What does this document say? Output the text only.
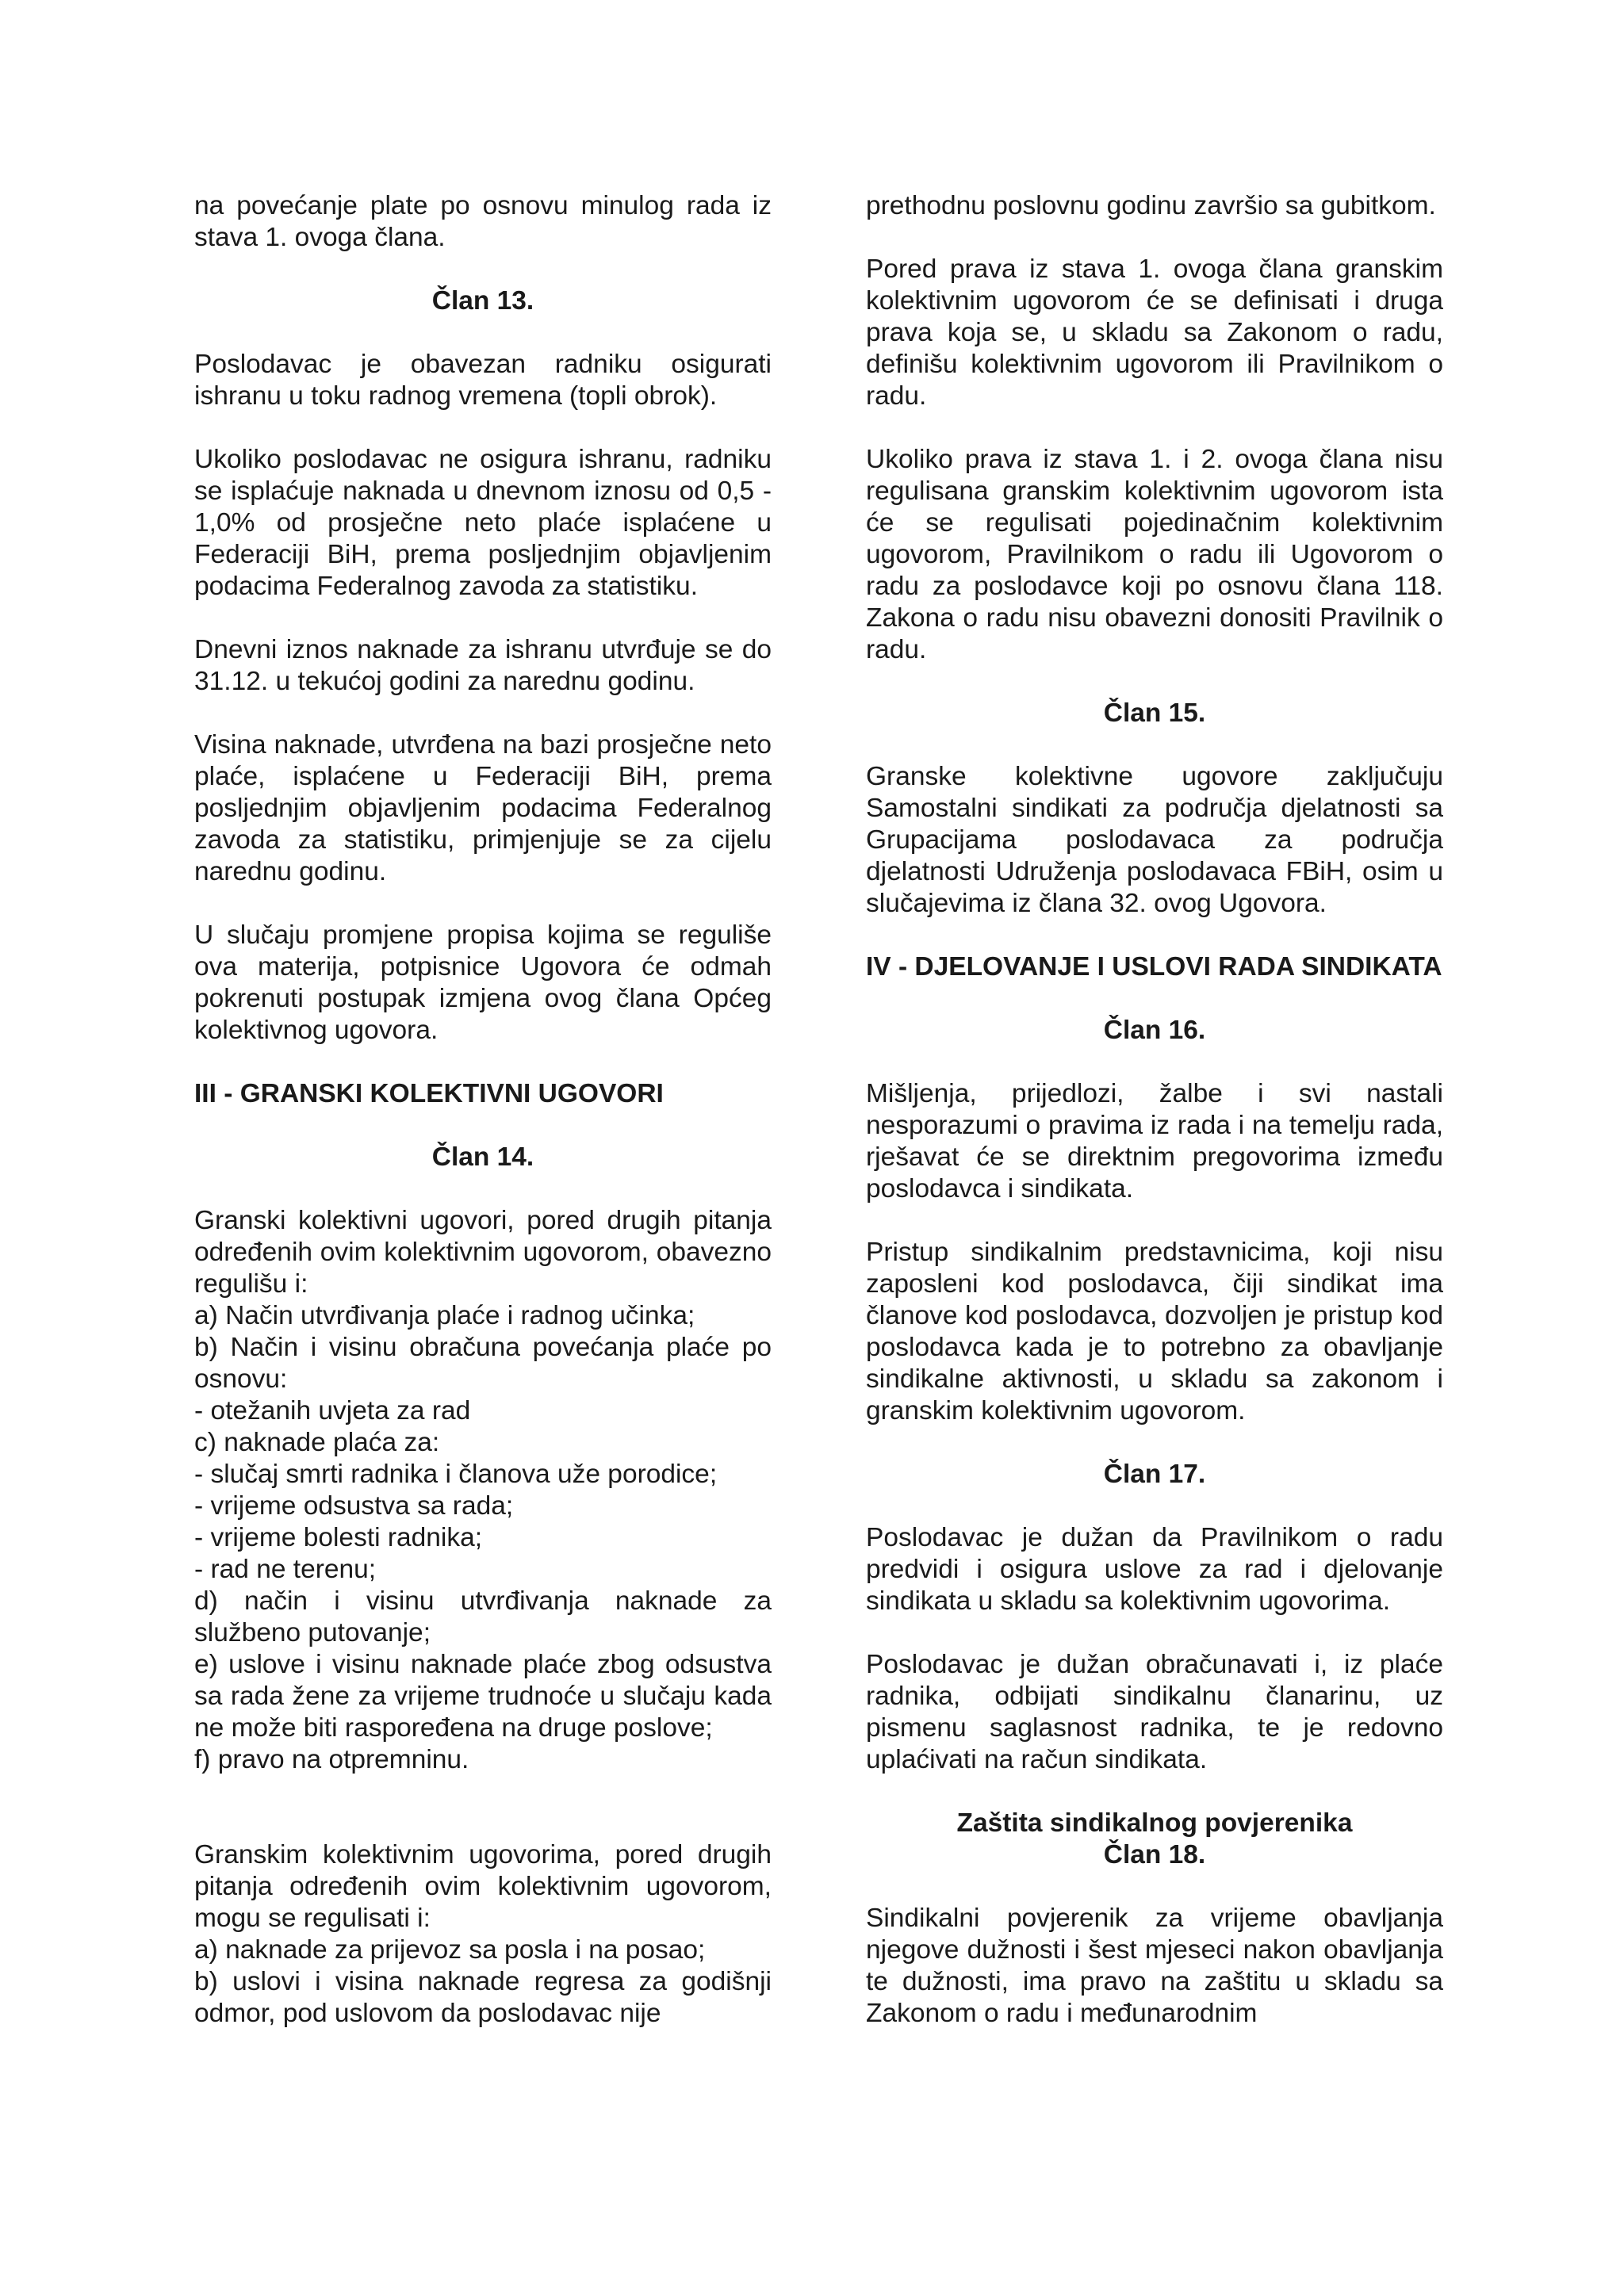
na povećanje plate po osnovu minulog rada iz stava 1. ovoga člana.

Član 13.

Poslodavac je obavezan radniku osigurati ishranu u toku radnog vremena (topli obrok).

Ukoliko poslodavac ne osigura ishranu, radniku se isplaćuje naknada u dnevnom iznosu od 0,5 - 1,0% od prosječne neto plaće isplaćene u Federaciji BiH, prema posljednjim objavljenim podacima Federalnog zavoda za statistiku.

Dnevni iznos naknade za ishranu utvrđuje se do 31.12. u tekućoj godini za narednu godinu.

Visina naknade, utvrđena na bazi prosječne neto plaće, isplaćene u Federaciji BiH, prema posljednjim objavljenim podacima Federalnog zavoda za statistiku, primjenjuje se za cijelu narednu godinu.

U slučaju promjene propisa kojima se reguliše ova materija, potpisnice Ugovora će odmah pokrenuti postupak izmjena ovog člana Općeg kolektivnog ugovora.

III - GRANSKI KOLEKTIVNI UGOVORI
Član 14.
Granski kolektivni ugovori, pored drugih pitanja određenih ovim kolektivnim ugovorom, obavezno regulišu i:
a) Način utvrđivanja plaće i radnog učinka;
b) Način i visinu obračuna povećanja plaće po osnovu:
- otežanih uvjeta za rad
c) naknade plaća za:
- slučaj smrti radnika i članova uže porodice;
- vrijeme odsustva sa rada;
- vrijeme bolesti radnika;
- rad ne terenu;
d) način i visinu utvrđivanja naknade za službeno putovanje;
e) uslove i visinu naknade plaće zbog odsustva sa rada žene za vrijeme trudnoće u slučaju kada ne može biti raspoređena na druge poslove;
f) pravo na otpremninu.
Granskim kolektivnim ugovorima, pored drugih pitanja određenih ovim kolektivnim ugovorom, mogu se regulisati i:
a) naknade za prijevoz sa posla i na posao;
b) uslovi i visina naknade regresa za godišnji odmor, pod uslovom da poslodavac nije

prethodnu poslovnu godinu završio sa gubitkom.

Pored prava iz stava 1. ovoga člana granskim kolektivnim ugovorom će se definisati i druga prava koja se, u skladu sa Zakonom o radu, definišu kolektivnim ugovorom ili Pravilnikom o radu.

Ukoliko prava iz stava 1. i 2. ovoga člana nisu regulisana granskim kolektivnim ugovorom ista će se regulisati pojedinačnim kolektivnim ugovorom, Pravilnikom o radu ili Ugovorom o radu za poslodavce koji po osnovu člana 118. Zakona o radu nisu obavezni donositi Pravilnik o radu.

Član 15.

Granske kolektivne ugovore zaključuju Samostalni sindikati za područja djelatnosti sa Grupacijama poslodavaca za područja djelatnosti Udruženja poslodavaca FBiH, osim u slučajevima iz člana 32. ovog Ugovora.

IV - DJELOVANJE I USLOVI RADA SINDIKATA
Član 16.

Mišljenja, prijedlozi, žalbe i svi nastali nesporazumi o pravima iz rada i na temelju rada, rješavat će se direktnim pregovorima između poslodavca i sindikata.

Pristup sindikalnim predstavnicima, koji nisu zaposleni kod poslodavca, čiji sindikat ima članove kod poslodavca, dozvoljen je pristup kod poslodavca kada je to potrebno za obavljanje sindikalne aktivnosti, u skladu sa zakonom i granskim kolektivnim ugovorom.

Član 17.

Poslodavac je dužan da Pravilnikom o radu predvidi i osigura uslove za rad i djelovanje sindikata u skladu sa kolektivnim ugovorima.

Poslodavac je dužan obračunavati i, iz plaće radnika, odbijati sindikalnu članarinu, uz pismenu saglasnost radnika, te je redovno uplaćivati na račun sindikata.

Zaštita sindikalnog povjerenika
Član 18.

Sindikalni povjerenik za vrijeme obavljanja njegove dužnosti i šest mjeseci nakon obavljanja te dužnosti, ima pravo na zaštitu u skladu sa Zakonom o radu i međunarodnim
